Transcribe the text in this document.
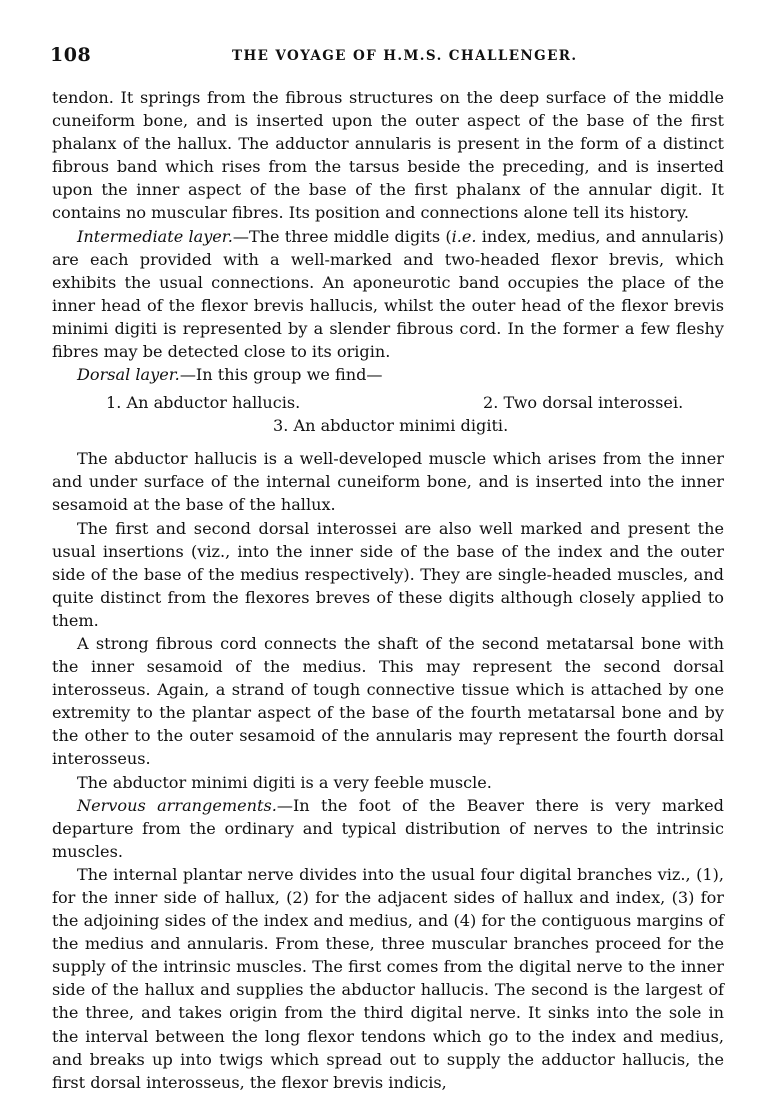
108	THE VOYAGE OF H.M.S. CHALLENGER.

tendon. It springs from the fibrous structures on the deep surface of the middle cuneiform bone, and is inserted upon the outer aspect of the base of the first phalanx of the hallux. The adductor annularis is present in the form of a distinct fibrous band which rises from the tarsus beside the preceding, and is inserted upon the inner aspect of the base of the first phalanx of the annular digit. It contains no muscular fibres. Its position and connections alone tell its history.

Intermediate layer.—The three middle digits (i.e. index, medius, and annularis) are each provided with a well-marked and two-headed flexor brevis, which exhibits the usual connections. An aponeurotic band occupies the place of the inner head of the flexor brevis hallucis, whilst the outer head of the flexor brevis minimi digiti is represented by a slender fibrous cord. In the former a few fleshy fibres may be detected close to its origin.

Dorsal layer.—In this group we find—

1. An abductor hallucis.	2. Two dorsal interossei.
3. An abductor minimi digiti.

The abductor hallucis is a well-developed muscle which arises from the inner and under surface of the internal cuneiform bone, and is inserted into the inner sesamoid at the base of the hallux.

The first and second dorsal interossei are also well marked and present the usual insertions (viz., into the inner side of the base of the index and the outer side of the base of the medius respectively). They are single-headed muscles, and quite distinct from the flexores breves of these digits although closely applied to them.

A strong fibrous cord connects the shaft of the second metatarsal bone with the inner sesamoid of the medius. This may represent the second dorsal interosseus. Again, a strand of tough connective tissue which is attached by one extremity to the plantar aspect of the base of the fourth metatarsal bone and by the other to the outer sesamoid of the annularis may represent the fourth dorsal interosseus.

The abductor minimi digiti is a very feeble muscle.

Nervous arrangements.—In the foot of the Beaver there is very marked departure from the ordinary and typical distribution of nerves to the intrinsic muscles.

The internal plantar nerve divides into the usual four digital branches viz., (1), for the inner side of hallux, (2) for the adjacent sides of hallux and index, (3) for the adjoining sides of the index and medius, and (4) for the contiguous margins of the medius and annularis. From these, three muscular branches proceed for the supply of the intrinsic muscles. The first comes from the digital nerve to the inner side of the hallux and supplies the abductor hallucis. The second is the largest of the three, and takes origin from the third digital nerve. It sinks into the sole in the interval between the long flexor tendons which go to the index and medius, and breaks up into twigs which spread out to supply the adductor hallucis, the first dorsal interosseus, the flexor brevis indicis,
